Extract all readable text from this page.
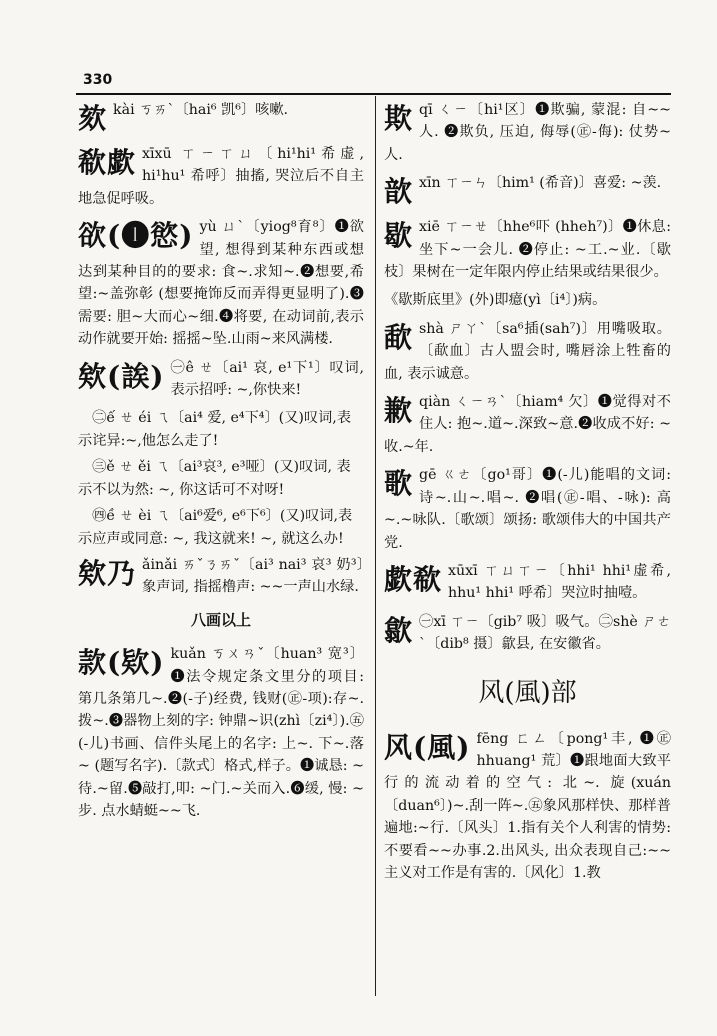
330
欬 kài ㄎㄞˋ〔hai⁶ 凯⁶〕咳嗽.
欷歔 xīxū ㄒㄧㄒㄩ〔hi¹hi¹希虚, hi¹hu¹ 希呼〕抽搐, 哭泣后不自主地急促呼吸。
欲(❶慾) yù ㄩˋ〔yiog⁸育⁸〕❶欲望, 想得到某种东西或想达到某种目的的要求: 食~.求知~.❷想要,希望:~盖弥彰 (想要掩饰反而弄得更显明了).❸需要: 胆~大而心~细.❹将要, 在动词前,表示动作就要开始: 摇摇~坠.山雨~来风满楼.
欸(誒) ㊀ê ㄝ〔ai¹ 哀, e¹下¹〕叹词,表示招呼: ~,你快来!
㊁ế ㄝ éi ㄟ〔ai⁴ 爱, e⁴下⁴〕(又)叹词,表示诧异:~,他怎么走了!
㊂ě ㄝ ěi ㄟ〔ai³哀³, e³哑〕(又)叹词, 表示不以为然: ~, 你这话可不对呀!
㊃ề ㄝ èi ㄟ〔ai⁶爱⁶, e⁶下⁶〕(又)叹词,表示应声或同意: ~, 我这就来! ~, 就这么办!
欸乃 ǎinǎi ㄞˇㄋㄞˇ〔ai³ nai³ 哀³ 奶³〕象声词, 指摇橹声: ~~一声山水绿.
八画以上
款(欵) kuǎn ㄎㄨㄢˇ〔huan³ 宽³〕❶法令规定条文里分的项目: 第几条第几~.❷(-子)经费, 钱财(㊣-项):存~.拨~.❸器物上刻的字: 钟鼎~识(zhì〔zi⁴〕).㊄(-儿)书画、信件头尾上的名字: 上~. 下~.落~ (题写名字).〔款式〕格式,样子。❶诚恳: ~待.~留.❺敲打,叩: ~门.~关而入.❻缓, 慢: ~步. 点水蜻蜓~~飞.
欺 qī ㄑㄧ〔hi¹区〕❶欺骗, 蒙混: 自~~人. ❷欺负, 压迫, 侮辱(㊣-侮): 仗势~人.
歆 xīn ㄒㄧㄣ〔him¹ (希音)〕喜爱: ~羡.
歇 xiē ㄒㄧㄝ〔hhe⁶吓 (hheh⁷)〕❶休息: 坐下~一会儿. ❷停止: ~工.~业.〔歇枝〕果树在一定年限内停止结果或结果很少。
《歇斯底里》(外)即癔(yì〔i⁴〕)病。
歃 shà ㄕㄚˋ〔sa⁶插(sah⁷)〕用嘴吸取。〔歃血〕古人盟会时, 嘴唇涂上牲畜的血, 表示诚意。
歉 qiàn ㄑㄧㄢˋ〔hiam⁴ 欠〕❶觉得对不住人: 抱~.道~.深致~意.❷收成不好: ~收.~年.
歌 gē ㄍㄜ〔go¹哥〕❶(-儿)能唱的文词: 诗~.山~.唱~. ❷唱(㊣-唱、-咏): 高~.~咏队.〔歌颂〕颂扬: 歌颂伟大的中国共产党.
歔欷 xūxī ㄒㄩㄒㄧ〔hhi¹ hhi¹虚希, hhu¹ hhi¹ 呼希〕哭泣时抽噎。
歙 ㊀xī ㄒㄧ〔gib⁷ 吸〕吸气。㊁shè ㄕㄜˋ〔dib⁸ 摄〕歙县, 在安徽省。
风(風)部
风(風) fēng ㄈㄥ〔pong¹丰, ❶㊣ hhuang¹ 荒〕❶跟地面大致平行的流动着的空气: 北~. 旋(xuán〔duan⁶〕)~.刮一阵~.㊄象风那样快、那样普遍地:~行.〔风头〕1.指有关个人利害的情势: 不要看~~办事.2.出风头, 出众表现自己:~~主义对工作是有害的.〔风化〕1.教
